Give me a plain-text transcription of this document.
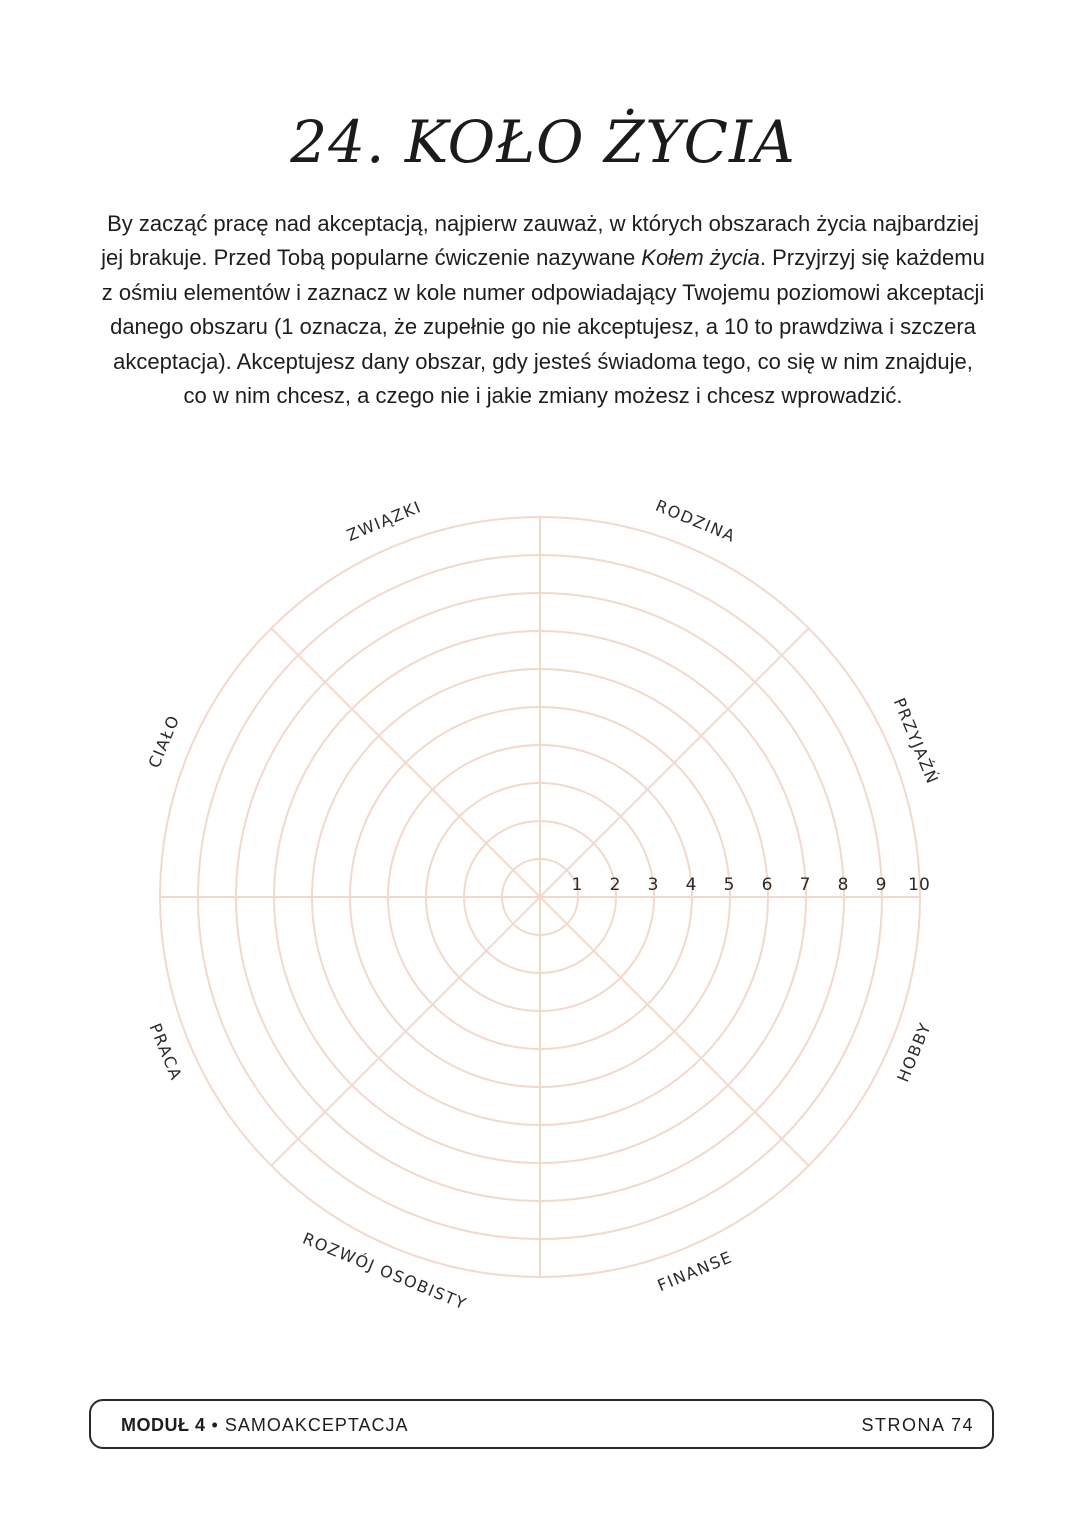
24. KOŁO ŻYCIA

By zacząć pracę nad akceptacją, najpierw zauważ, w których obszarach życia najbardziej jej brakuje. Przed Tobą popularne ćwiczenie nazywane Kołem życia. Przyjrzyj się każdemu z ośmiu elementów i zaznacz w kole numer odpowiadający Twojemu poziomowi akceptacji danego obszaru (1 oznacza, że zupełnie go nie akceptujesz, a 10 to prawdziwa i szczera akceptacja). Akceptujesz dany obszar, gdy jesteś świadoma tego, co się w nim znajduje, co w nim chcesz, a czego nie i jakie zmiany możesz i chcesz wprowadzić.

1 2 3 4 5 6 7 8 9 10
RODZINA
PRZYJAŹŃ
HOBBY
FINANSE
ROZWÓJ OSOBISTY
PRACA
CIAŁO
ZWIĄZKI
MODUŁ 4 • SAMOAKCEPTACJA	STRONA 74
